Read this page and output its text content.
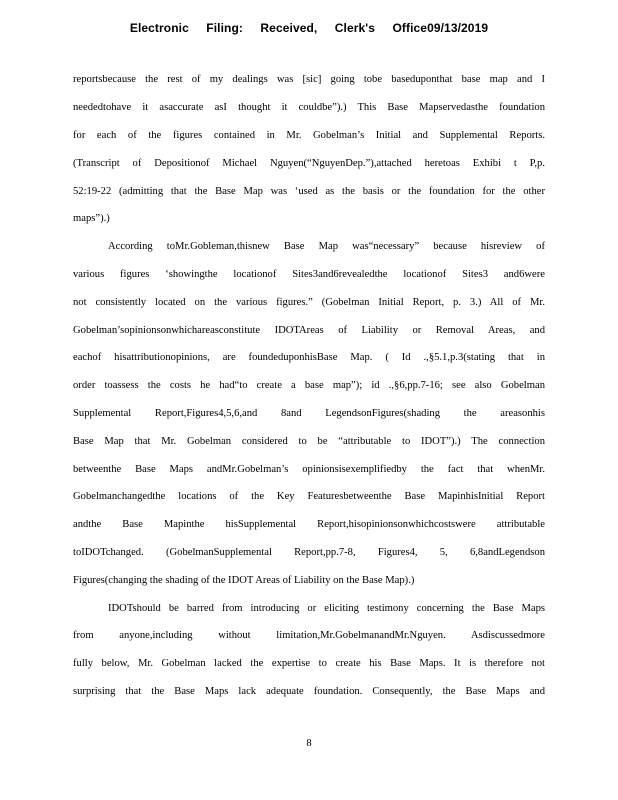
Electronic Filing: Received, Clerk's Office09/13/2019
reportsbecause the rest of my dealings was [sic] going tobe baseduponthat base map and I
neededtohave it asaccurate asI thought it couldbe”).) This Base Mapservedasthe foundation
for each of the figures contained in Mr. Gobelman’s Initial and Supplemental Reports.
(Transcript of Depositionof Michael Nguyen(“NguyenDep.”),attached heretoas Exhibi t P,p.
52:19-22 (admitting that the Base Map was ‘used as the basis or the foundation for the other
maps”).)
According toMr.Gobleman,thisnew Base Map was“necessary” because hisreview of
various figures ‘showingthe locationof Sites3and6revealedthe locationof Sites3 and6were
not consistently located on the various figures.” (Gobelman Initial Report, p. 3.) All of Mr.
Gobelman’sopinionsonwhichareasconstitute IDOTAreas of Liability or Removal Areas, and
eachof hisattributionopinions, are foundeduponhisBase Map. ( Id .,§5.1,p.3(stating that in
order toassess the costs he had“to create a base map”); id .,§6,pp.7-16; see also Gobelman
Supplemental Report,Figures4,5,6,and 8and LegendsonFigures(shading the areasonhis
Base Map that Mr. Gobelman considered to be “attributable to IDOT”).) The connection
betweenthe Base Maps andMr.Gobelman’s opinionsisexemplifiedby the fact that whenMr.
Gobelmanchangedthe locations of the Key Featuresbetweenthe Base MapinhisInitial Report
andthe Base Mapinthe hisSupplemental Report,hisopinionsonwhichcostswere attributable
toIDOTchanged. (GobelmanSupplemental Report,pp.7-8, Figures4, 5, 6,8andLegendson
Figures(changing the shading of the IDOT Areas of Liability on the Base Map).)
IDOTshould be barred from introducing or eliciting testimony concerning the Base Maps
from anyone,including without limitation,Mr.GobelmanandMr.Nguyen. Asdiscussedmore
fully below, Mr. Gobelman lacked the expertise to create his Base Maps. It is therefore not
surprising that the Base Maps lack adequate foundation. Consequently, the Base Maps and
8
